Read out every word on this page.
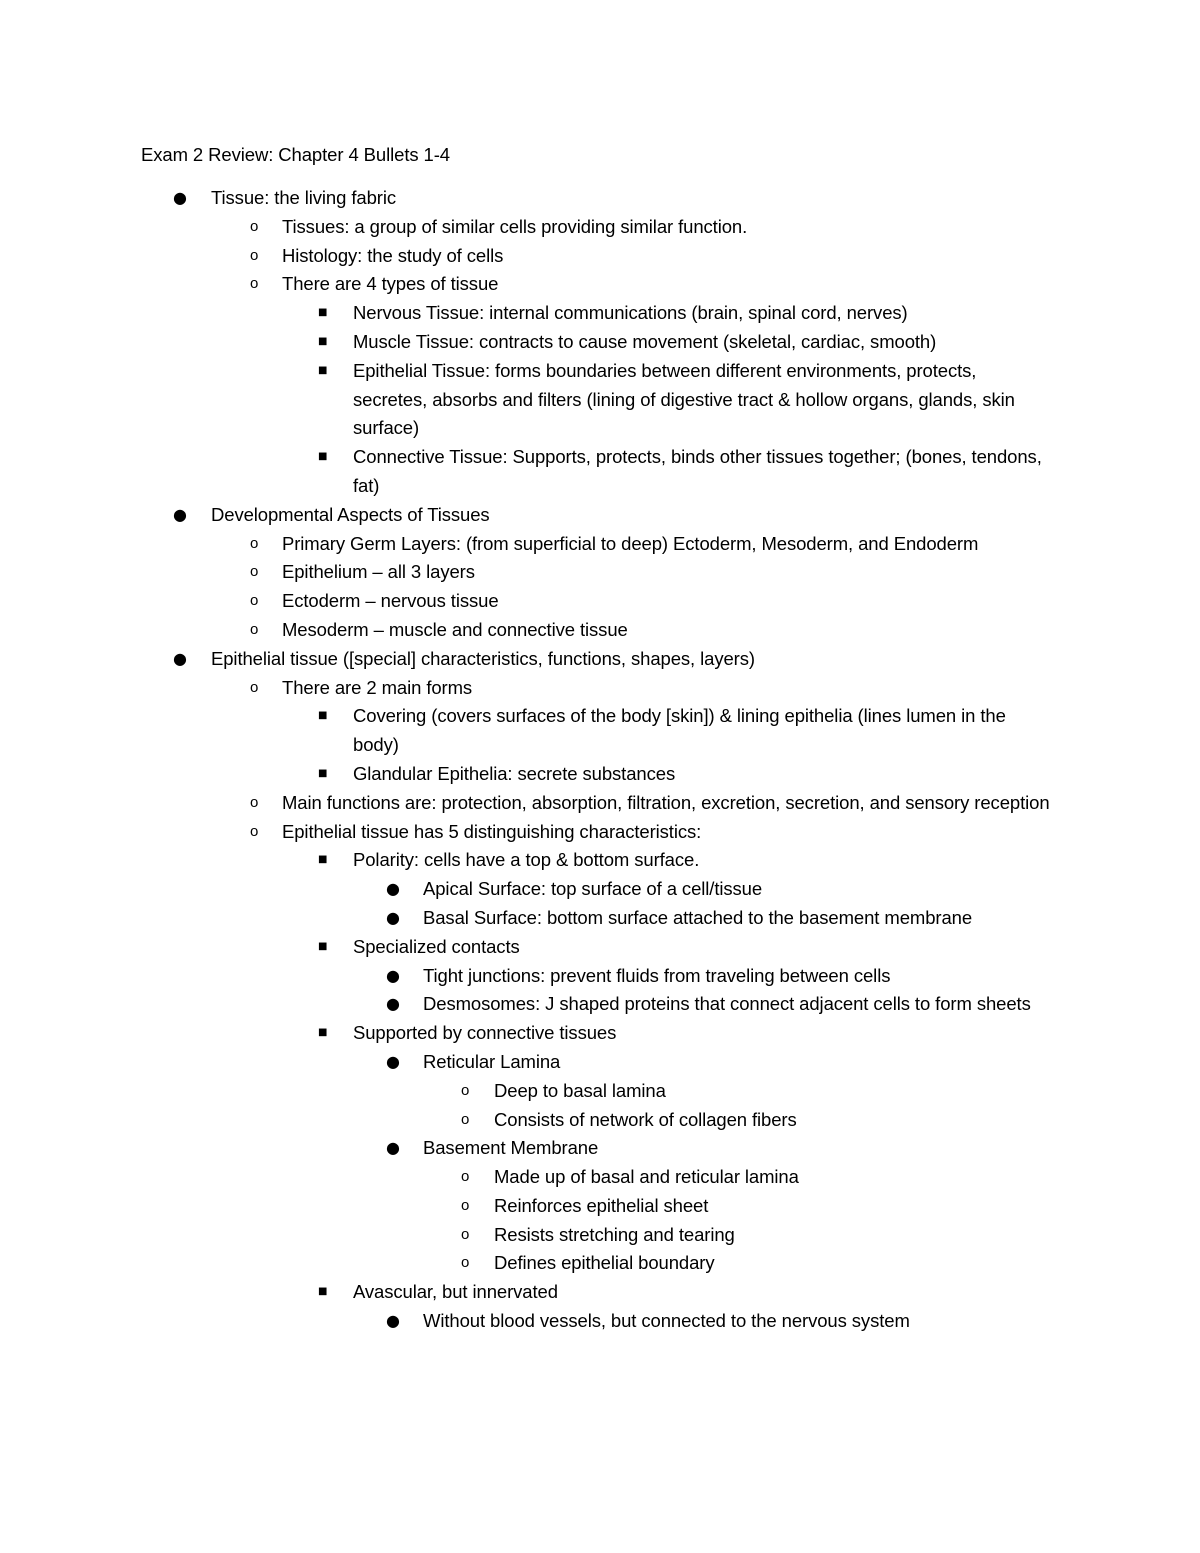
Exam 2 Review: Chapter 4 Bullets 1-4
●	Tissue: the living fabric
o	Tissues: a group of similar cells providing similar function.
o	Histology: the study of cells
o	There are 4 types of tissue
■	Nervous Tissue: internal communications (brain, spinal cord, nerves)
■	Muscle Tissue: contracts to cause movement (skeletal, cardiac, smooth)
■	Epithelial Tissue: forms boundaries between different environments, protects, secretes, absorbs and filters (lining of digestive tract & hollow organs, glands, skin surface)
■	Connective Tissue: Supports, protects, binds other tissues together; (bones, tendons, fat)
●	Developmental Aspects of Tissues
o	Primary Germ Layers: (from superficial to deep) Ectoderm, Mesoderm, and Endoderm
o	Epithelium – all 3 layers
o	Ectoderm – nervous tissue
o	Mesoderm – muscle and connective tissue
●	Epithelial tissue ([special] characteristics, functions, shapes, layers)
o	There are 2 main forms
■	Covering (covers surfaces of the body [skin]) & lining epithelia (lines lumen in the body)
■	Glandular Epithelia: secrete substances
o	Main functions are: protection, absorption, filtration, excretion, secretion, and sensory reception
o	Epithelial tissue has 5 distinguishing characteristics:
■	Polarity: cells have a top & bottom surface.
●	Apical Surface: top surface of a cell/tissue
●	Basal Surface: bottom surface attached to the basement membrane
■	Specialized contacts
●	Tight junctions: prevent fluids from traveling between cells
●	Desmosomes: J shaped proteins that connect adjacent cells to form sheets
■	Supported by connective tissues
●	Reticular Lamina
o	Deep to basal lamina
o	Consists of network of collagen fibers
●	Basement Membrane
o	Made up of basal and reticular lamina
o	Reinforces epithelial sheet
o	Resists stretching and tearing
o	Defines epithelial boundary
■	Avascular, but innervated
●	Without blood vessels, but connected to the nervous system
